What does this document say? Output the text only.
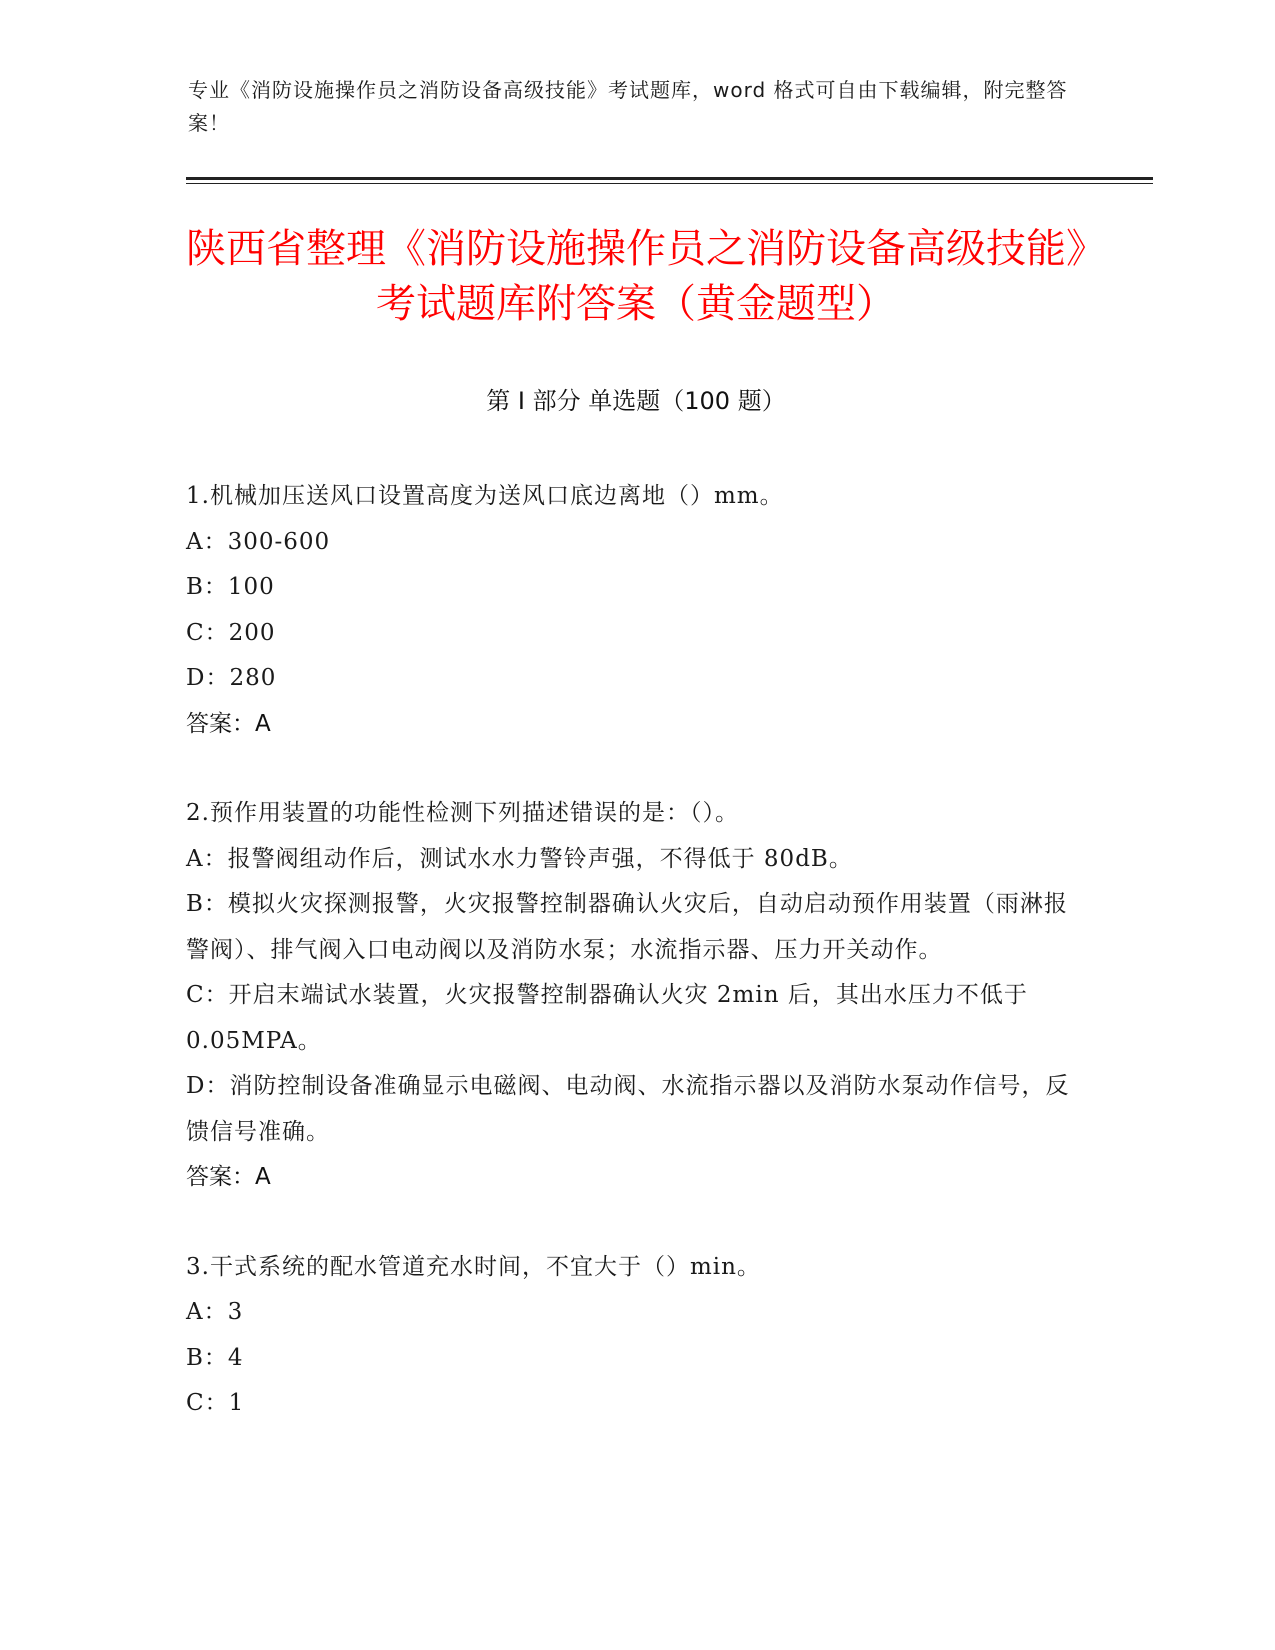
专业《消防设施操作员之消防设备高级技能》考试题库，word 格式可自由下载编辑，附完整答案！
陕西省整理《消防设施操作员之消防设备高级技能》考试题库附答案（黄金题型）
第 I 部分 单选题（100 题）

1.机械加压送风口设置高度为送风口底边离地（）mm。

A：300-600

B：100

C：200

D：280

答案：A

2.预作用装置的功能性检测下列描述错误的是：（）。

A：报警阀组动作后，测试水水力警铃声强，不得低于 80dB。

B：模拟火灾探测报警，火灾报警控制器确认火灾后，自动启动预作用装置（雨淋报警阀）、排气阀入口电动阀以及消防水泵；水流指示器、压力开关动作。

C：开启末端试水装置，火灾报警控制器确认火灾 2min 后，其出水压力不低于 0.05MPA。

D：消防控制设备准确显示电磁阀、电动阀、水流指示器以及消防水泵动作信号，反馈信号准确。

答案：A

3.干式系统的配水管道充水时间，不宜大于（）min。

A：3

B：4

C：1
